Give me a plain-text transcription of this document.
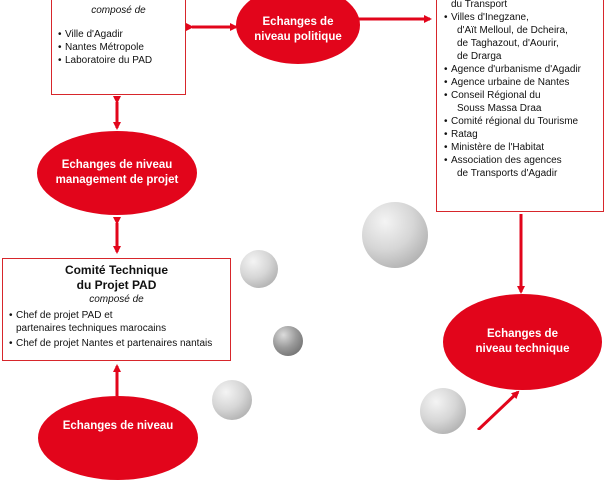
composé de
• Ville d'Agadir
• Nantes Métropole
• Laboratoire du PAD
Echanges de
niveau politique
du Transport
• Villes d'Inegzane,
d'Aït Melloul, de Dcheira,
de Taghazout, d'Aourir,
de Drarga
• Agence d'urbanisme d'Agadir
• Agence urbaine de Nantes
• Conseil Régional du
Souss Massa Draa
• Comité régional du Tourisme
• Ratag
• Ministère de l'Habitat
• Association des agences
de Transports d'Agadir
Echanges de niveau
management de projet
Comité Technique
du Projet PAD
composé de
• Chef de projet PAD et
partenaires techniques marocains
• Chef de projet Nantes et partenaires nantais
Echanges de
niveau technique
Echanges de niveau
